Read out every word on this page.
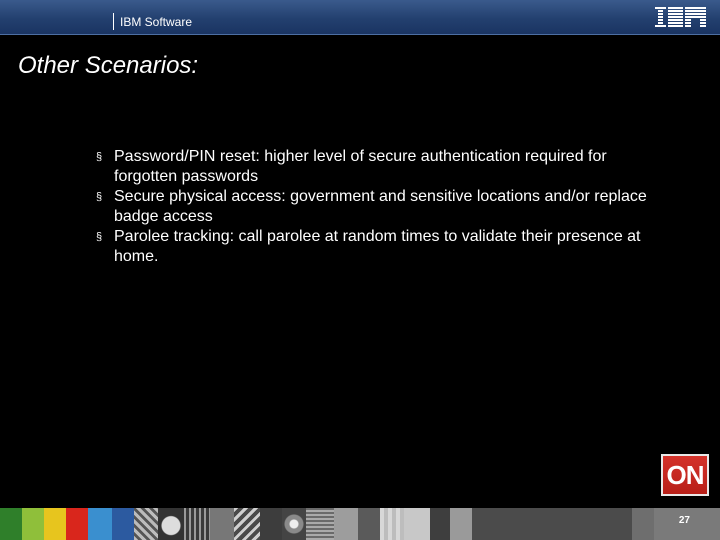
IBM Software
Other Scenarios:
§ Password/PIN reset: higher level of secure authentication required for forgotten passwords
§ Secure physical access: government and sensitive locations and/or replace badge access
§ Parolee tracking: call parolee at random times to validate their presence at home.
ON
27
